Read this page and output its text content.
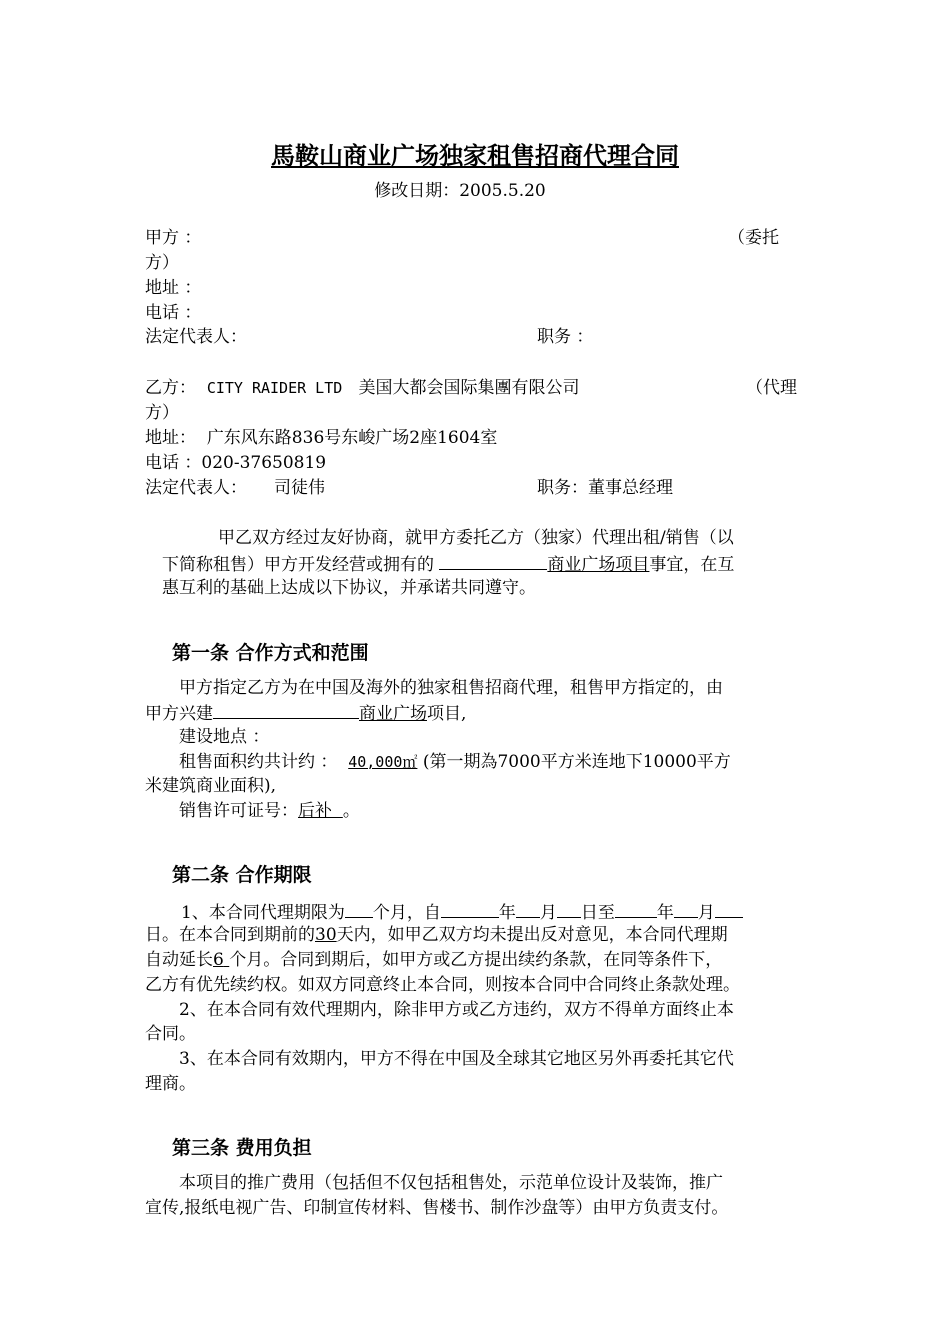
馬鞍山商业广场独家租售招商代理合同
修改日期：2005.5.20
甲方 ：	（委托
方）
地址 ：
电话 ：
法定代表人：	职务 ：
乙方： CITY RAIDER LTD 美国大都会国际集團有限公司	（代理
方）
地址： 广东风东路836号东峻广场2座1604室
电话 ：020-37650819
法定代表人： 司徒伟	职务：董事总经理
甲乙双方经过友好协商，就甲方委托乙方（独家）代理出租/销售（以
下简称租售）甲方开发经营或拥有的	商业广场项目事宜，在互
惠互利的基础上达成以下协议，并承诺共同遵守。
第一条 合作方式和范围
甲方指定乙方为在中国及海外的独家租售招商代理，租售甲方指定的，由
甲方兴建	商业广场项目,
建设地点 ：
租售面积约共计约 ： 40,000㎡ (第一期為7000平方米连地下10000平方
米建筑商业面积),
销售许可证号：后补 。
第二条 合作期限
1、本合同代理期限为 个月，自	年 月 日至 年 月
日。在本合同到期前的30天内，如甲乙双方均未提出反对意见，本合同代理期
自动延长6 个月。合同到期后，如甲方或乙方提出续约条款，在同等条件下，
乙方有优先续约权。如双方同意终止本合同，则按本合同中合同终止条款处理。
2、在本合同有效代理期内，除非甲方或乙方违约，双方不得单方面终止本
合同。
3、在本合同有效期内，甲方不得在中国及全球其它地区另外再委托其它代
理商。
第三条 费用负担
本项目的推广费用（包括但不仅包括租售处，示范单位设计及装饰，推广
宣传,报纸电视广告、印制宣传材料、售楼书、制作沙盘等）由甲方负责支付。
